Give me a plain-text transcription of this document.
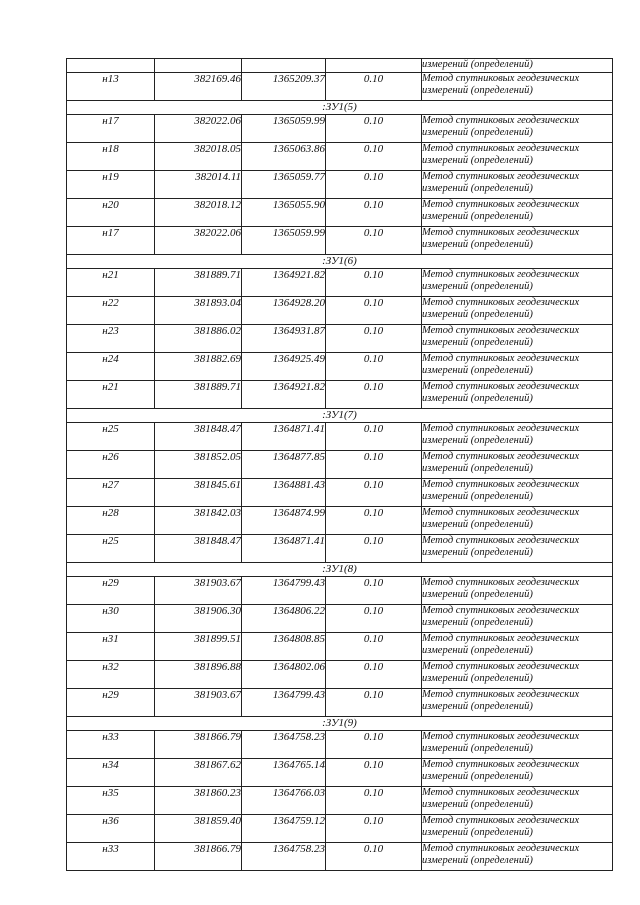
				измерений (определений)
н13	382169.46	1365209.37	0.10	Метод спутниковых геодезических
измерений (определений)

:ЗУ1(5)				
н17	382022.06	1365059.99	0.10	Метод спутниковых геодезических
измерений (определений)

н18	382018.05	1365063.86	0.10	Метод спутниковых геодезических
измерений (определений)

н19	382014.11	1365059.77	0.10	Метод спутниковых геодезических
измерений (определений)

н20	382018.12	1365055.90	0.10	Метод спутниковых геодезических
измерений (определений)

н17	382022.06	1365059.99	0.10	Метод спутниковых геодезических
измерений (определений)

:ЗУ1(6)				
н21	381889.71	1364921.82	0.10	Метод спутниковых геодезических
измерений (определений)

н22	381893.04	1364928.20	0.10	Метод спутниковых геодезических
измерений (определений)

н23	381886.02	1364931.87	0.10	Метод спутниковых геодезических
измерений (определений)

н24	381882.69	1364925.49	0.10	Метод спутниковых геодезических
измерений (определений)

н21	381889.71	1364921.82	0.10	Метод спутниковых геодезических
измерений (определений)

:ЗУ1(7)				
н25	381848.47	1364871.41	0.10	Метод спутниковых геодезических
измерений (определений)

н26	381852.05	1364877.85	0.10	Метод спутниковых геодезических
измерений (определений)

н27	381845.61	1364881.43	0.10	Метод спутниковых геодезических
измерений (определений)

н28	381842.03	1364874.99	0.10	Метод спутниковых геодезических
измерений (определений)

н25	381848.47	1364871.41	0.10	Метод спутниковых геодезических
измерений (определений)

:ЗУ1(8)				
н29	381903.67	1364799.43	0.10	Метод спутниковых геодезических
измерений (определений)

н30	381906.30	1364806.22	0.10	Метод спутниковых геодезических
измерений (определений)

н31	381899.51	1364808.85	0.10	Метод спутниковых геодезических
измерений (определений)

н32	381896.88	1364802.06	0.10	Метод спутниковых геодезических
измерений (определений)

н29	381903.67	1364799.43	0.10	Метод спутниковых геодезических
измерений (определений)

:ЗУ1(9)				
н33	381866.79	1364758.23	0.10	Метод спутниковых геодезических
измерений (определений)

н34	381867.62	1364765.14	0.10	Метод спутниковых геодезических
измерений (определений)

н35	381860.23	1364766.03	0.10	Метод спутниковых геодезических
измерений (определений)

н36	381859.40	1364759.12	0.10	Метод спутниковых геодезических
измерений (определений)

н33	381866.79	1364758.23	0.10	Метод спутниковых геодезических
измерений (определений)
